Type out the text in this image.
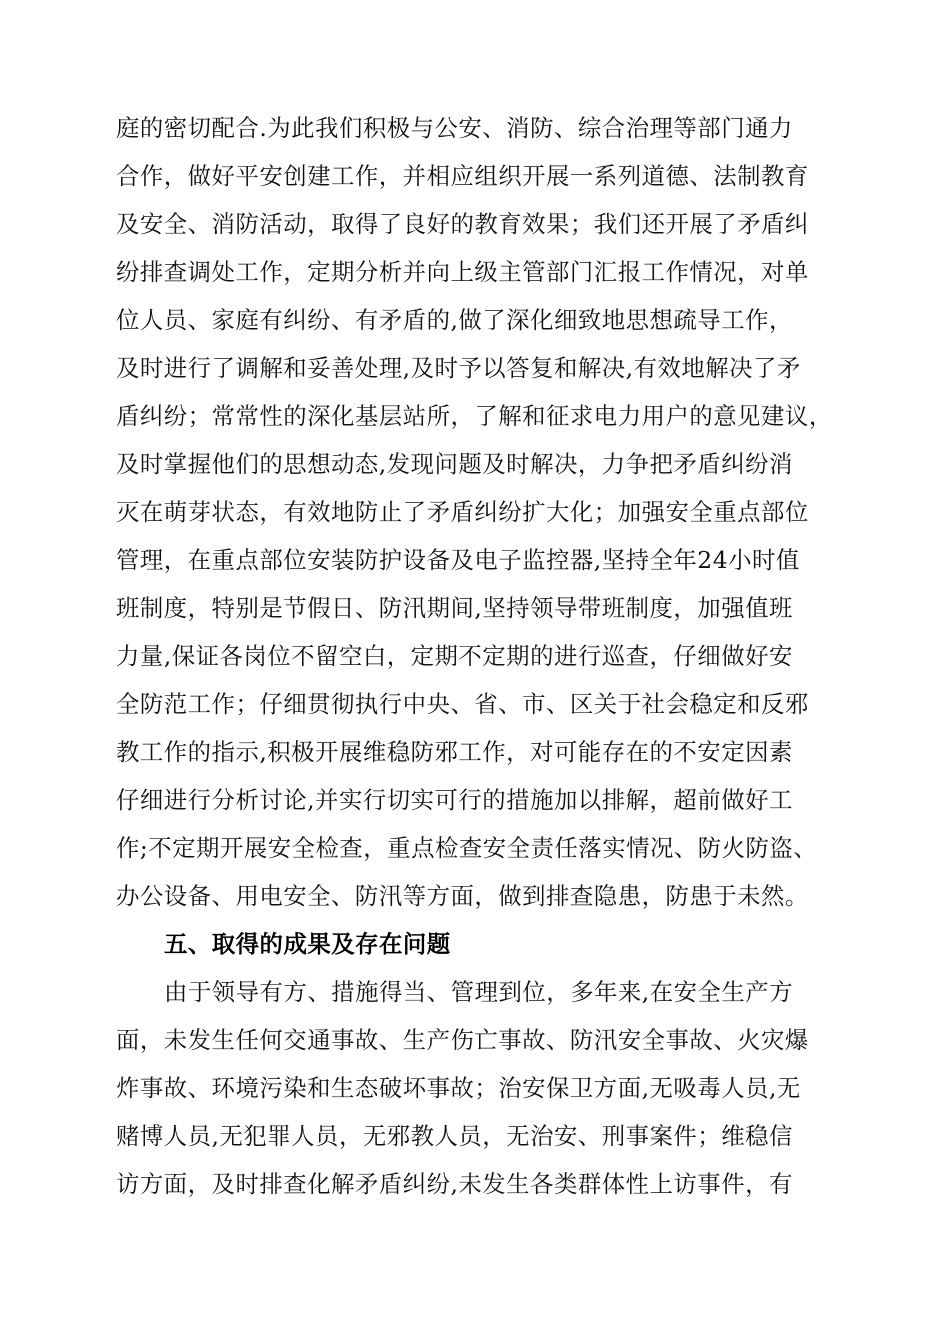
庭的密切配合.为此我们积极与公安、消防、综合治理等部门通力
合作，做好平安创建工作，并相应组织开展一系列道德、法制教育
及安全、消防活动，取得了良好的教育效果；我们还开展了矛盾纠
纷排查调处工作，定期分析并向上级主管部门汇报工作情况，对单
位人员、家庭有纠纷、有矛盾的,做了深化细致地思想疏导工作，
及时进行了调解和妥善处理,及时予以答复和解决,有效地解决了矛
盾纠纷；常常性的深化基层站所，了解和征求电力用户的意见建议，
及时掌握他们的思想动态,发现问题及时解决，力争把矛盾纠纷消
灭在萌芽状态，有效地防止了矛盾纠纷扩大化；加强安全重点部位
管理，在重点部位安装防护设备及电子监控器,坚持全年24小时值
班制度，特别是节假日、防汛期间,坚持领导带班制度，加强值班
力量,保证各岗位不留空白，定期不定期的进行巡查，仔细做好安
全防范工作；仔细贯彻执行中央、省、市、区关于社会稳定和反邪
教工作的指示,积极开展维稳防邪工作，对可能存在的不安定因素
仔细进行分析讨论,并实行切实可行的措施加以排解，超前做好工
作;不定期开展安全检查，重点检查安全责任落实情况、防火防盗、
办公设备、用电安全、防汛等方面，做到排查隐患，防患于未然。
五、取得的成果及存在问题
由于领导有方、措施得当、管理到位，多年来,在安全生产方
面，未发生任何交通事故、生产伤亡事故、防汛安全事故、火灾爆
炸事故、环境污染和生态破坏事故；治安保卫方面,无吸毒人员,无
赌博人员,无犯罪人员，无邪教人员，无治安、刑事案件；维稳信
访方面，及时排查化解矛盾纠纷,未发生各类群体性上访事件，有
